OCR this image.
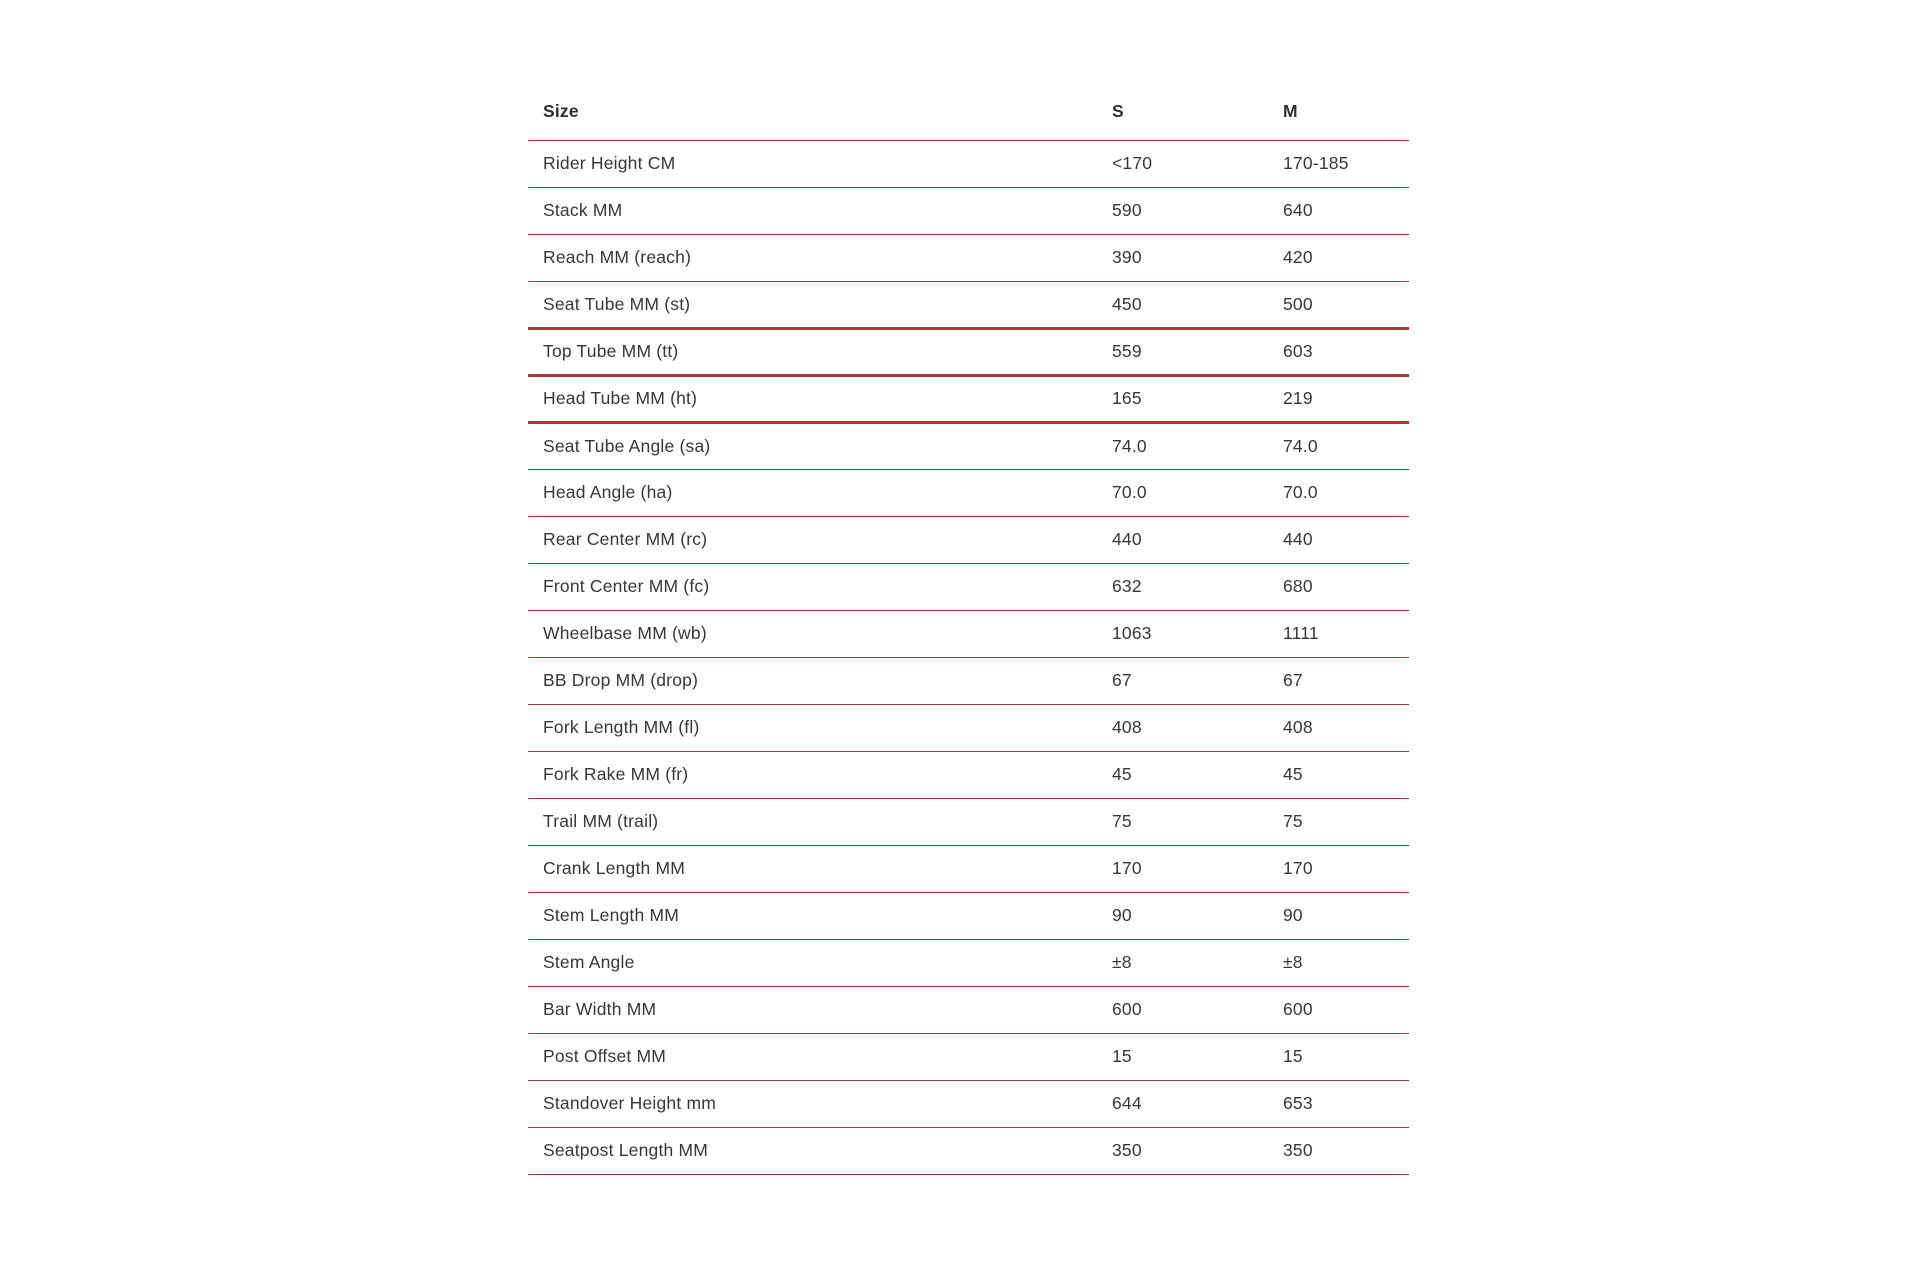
Size	S	M
Rider Height CM	<170	170-185
Stack MM	590	640
Reach MM (reach)	390	420
Seat Tube MM (st)	450	500
Top Tube MM (tt)	559	603
Head Tube MM (ht)	165	219
Seat Tube Angle (sa)	74.0	74.0
Head Angle (ha)	70.0	70.0
Rear Center MM (rc)	440	440
Front Center MM (fc)	632	680
Wheelbase MM (wb)	1063	1111
BB Drop MM (drop)	67	67
Fork Length MM (fl)	408	408
Fork Rake MM (fr)	45	45
Trail MM (trail)	75	75
Crank Length MM	170	170
Stem Length MM	90	90
Stem Angle	±8	±8
Bar Width MM	600	600
Post Offset MM	15	15
Standover Height mm	644	653
Seatpost Length MM	350	350
